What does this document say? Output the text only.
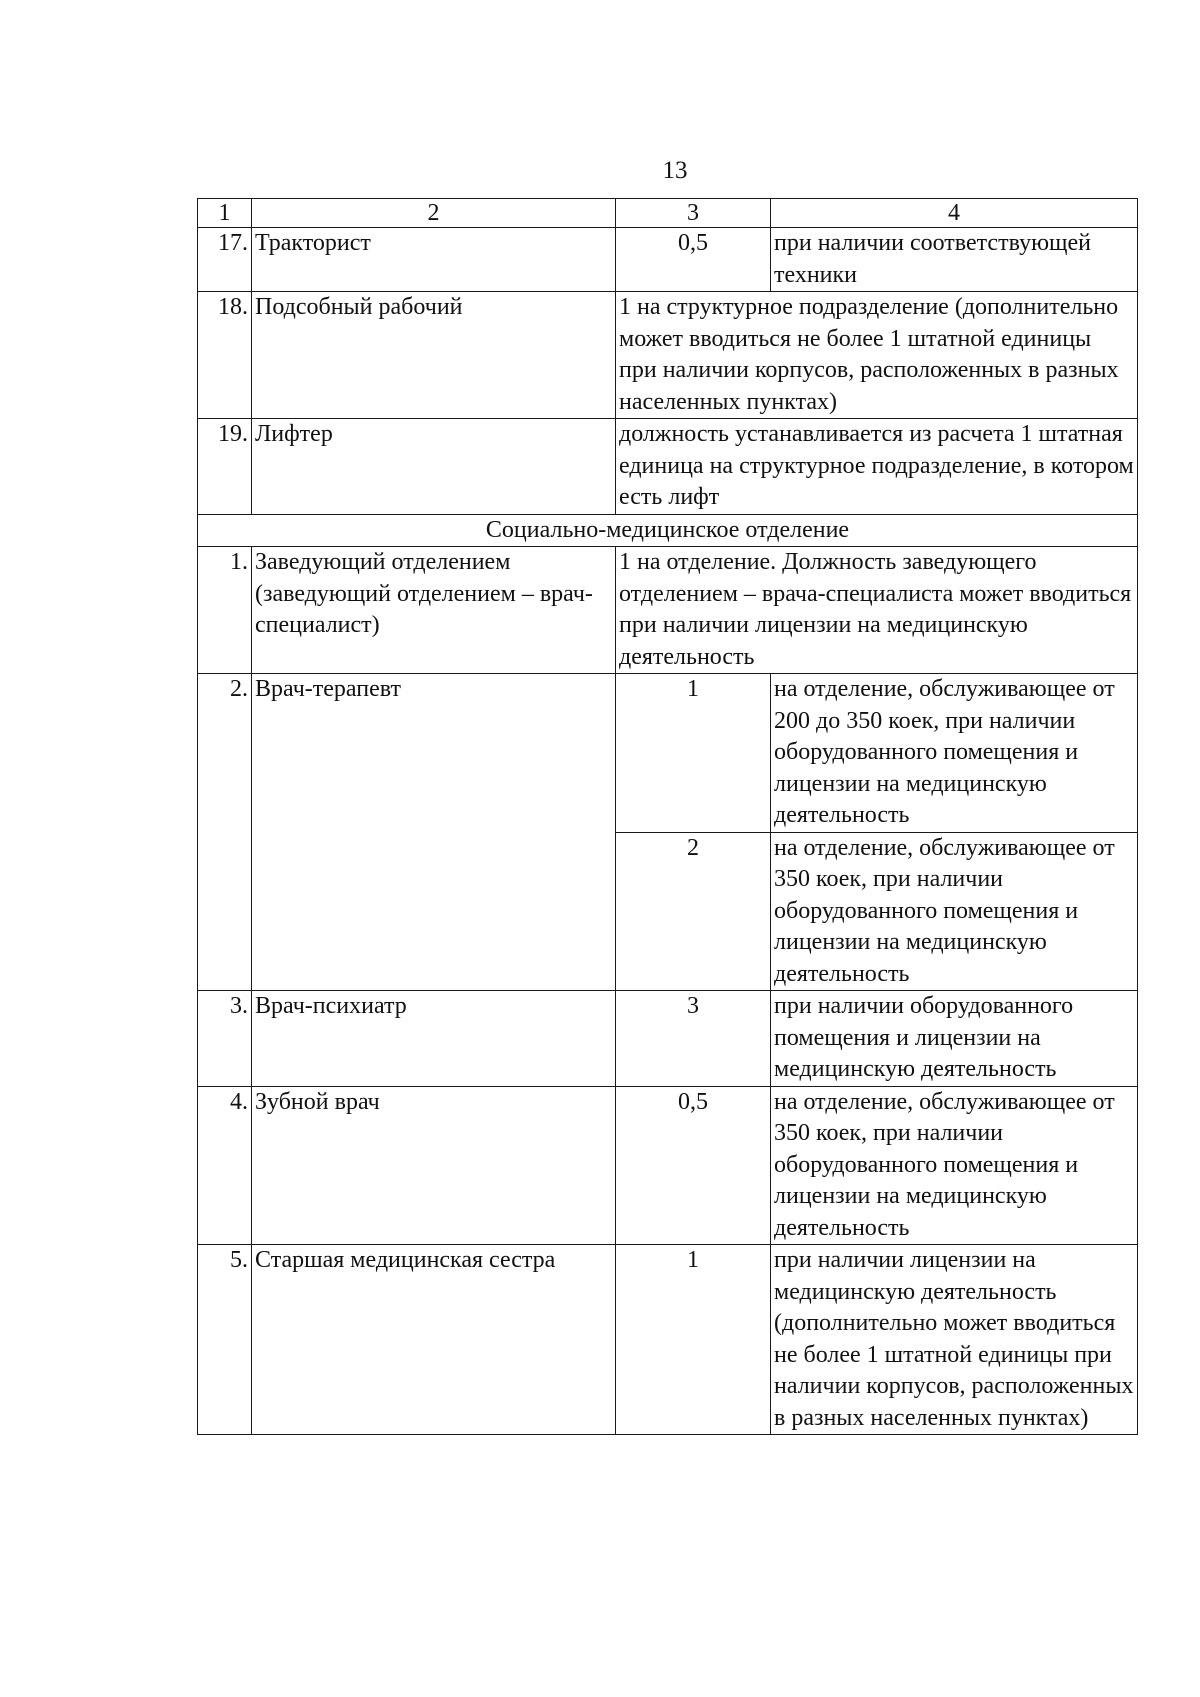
13
1	2	3	4
17.	Тракторист	0,5	при наличии соответствующей техники
18.	Подсобный рабочий	1 на структурное подразделение (дополнительно может вводиться не более 1 штатной единицы при наличии корпусов, расположенных в разных населенных пунктах)	
19.	Лифтер	должность устанавливается из расчета 1 штатная единица на структурное подразделение, в котором есть лифт	
Социально-медицинское отделение			
1.	Заведующий отделением (заведующий отделением – врач-специалист)	1 на отделение. Должность заведующего отделением – врача-специалиста может вводиться при наличии лицензии на медицинскую деятельность	
2.	Врач-терапевт	1	на отделение, обслуживающее от 200 до 350 коек, при наличии оборудованного помещения и лицензии на медицинскую деятельность
		2	на отделение, обслуживающее от 350 коек, при наличии оборудованного помещения и лицензии на медицинскую деятельность
3.	Врач-психиатр	3	при наличии оборудованного помещения и лицензии на медицинскую деятельность
4.	Зубной врач	0,5	на отделение, обслуживающее от 350 коек, при наличии оборудованного помещения и лицензии на медицинскую деятельность
5.	Старшая медицинская сестра	1	при наличии лицензии на медицинскую деятельность (дополнительно может вводиться не более 1 штатной единицы при наличии корпусов, расположенных в разных населенных пунктах)
